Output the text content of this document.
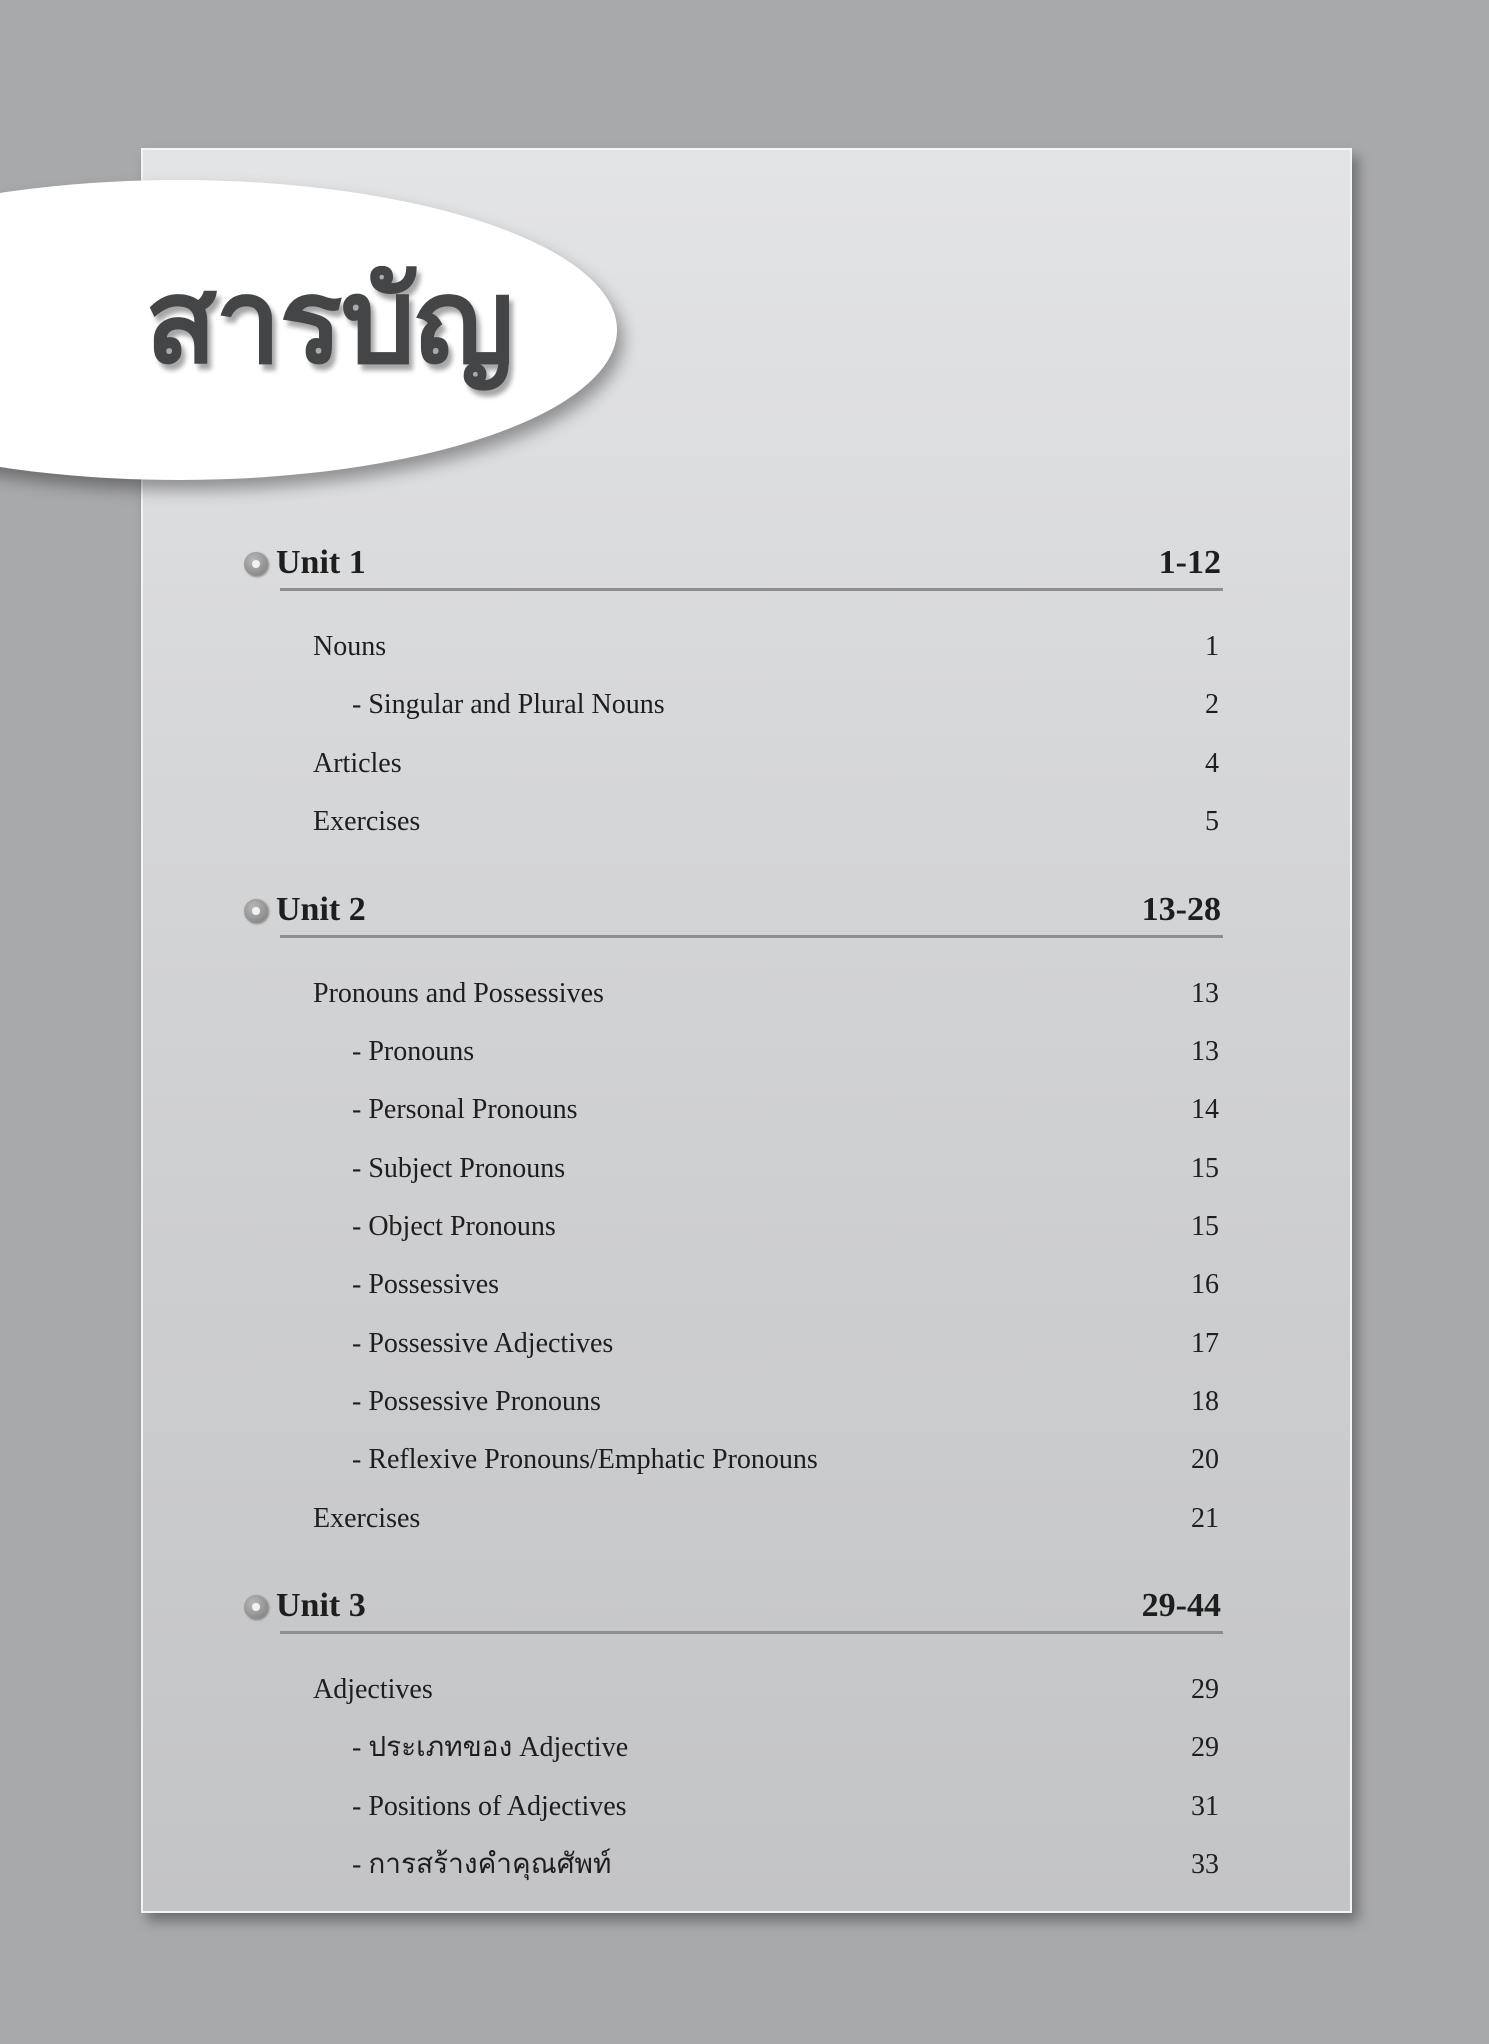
สารบัญ
Unit 1	1-12
Nouns	1
- Singular and Plural Nouns	2
Articles	4
Exercises	5
Unit 2	13-28
Pronouns and Possessives	13
- Pronouns	13
- Personal Pronouns	14
- Subject Pronouns	15
- Object Pronouns	15
- Possessives	16
- Possessive Adjectives	17
- Possessive Pronouns	18
- Reflexive Pronouns/Emphatic Pronouns	20
Exercises	21
Unit 3	29-44
Adjectives	29
- ประเภทของ Adjective	29
- Positions of Adjectives	31
- การสร้างคำคุณศัพท์	33
